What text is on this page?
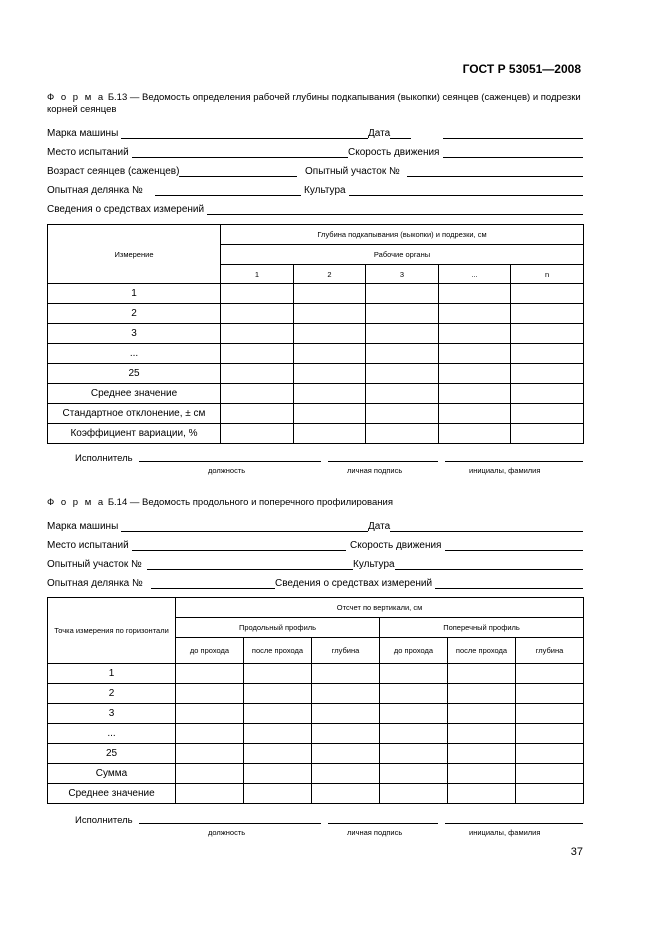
ГОСТ Р 53051—2008
Ф о р м а Б.13 — Ведомость определения рабочей глубины подкапывания (выкопки) сеянцев (саженцев) и подрезки корней сеянцев
Марка машины	Дата
Место испытаний	Скорость движения
Возраст сеянцев (саженцев)	Опытный участок №
Опытная делянка №	Культура
Сведения о средствах измерений
Измерение	Глубина подкапывания (выкопки) и подрезки, см				
	Рабочие органы				
	1	2	3	...	n
1					
2					
3					
...					
25					
Среднее значение					
Стандартное отклонение, ± см					
Коэффициент вариации, %					
Исполнитель
должность	личная подпись	инициалы, фамилия
Ф о р м а Б.14 — Ведомость продольного и поперечного профилирования
Марка машины	Дата
Место испытаний	Скорость движения
Опытный участок №	Культура
Опытная делянка №	Сведения о средствах измерений
Точка измерения по горизонтали	Отсчет по вертикали, см					
	Продольный профиль			Поперечный профиль		
	до прохода	после прохода	глубина	до прохода	после прохода	глубина
1						
2						
3						
...						
25						
Сумма						
Среднее значение						
Исполнитель
должность	личная подпись	инициалы, фамилия
37
